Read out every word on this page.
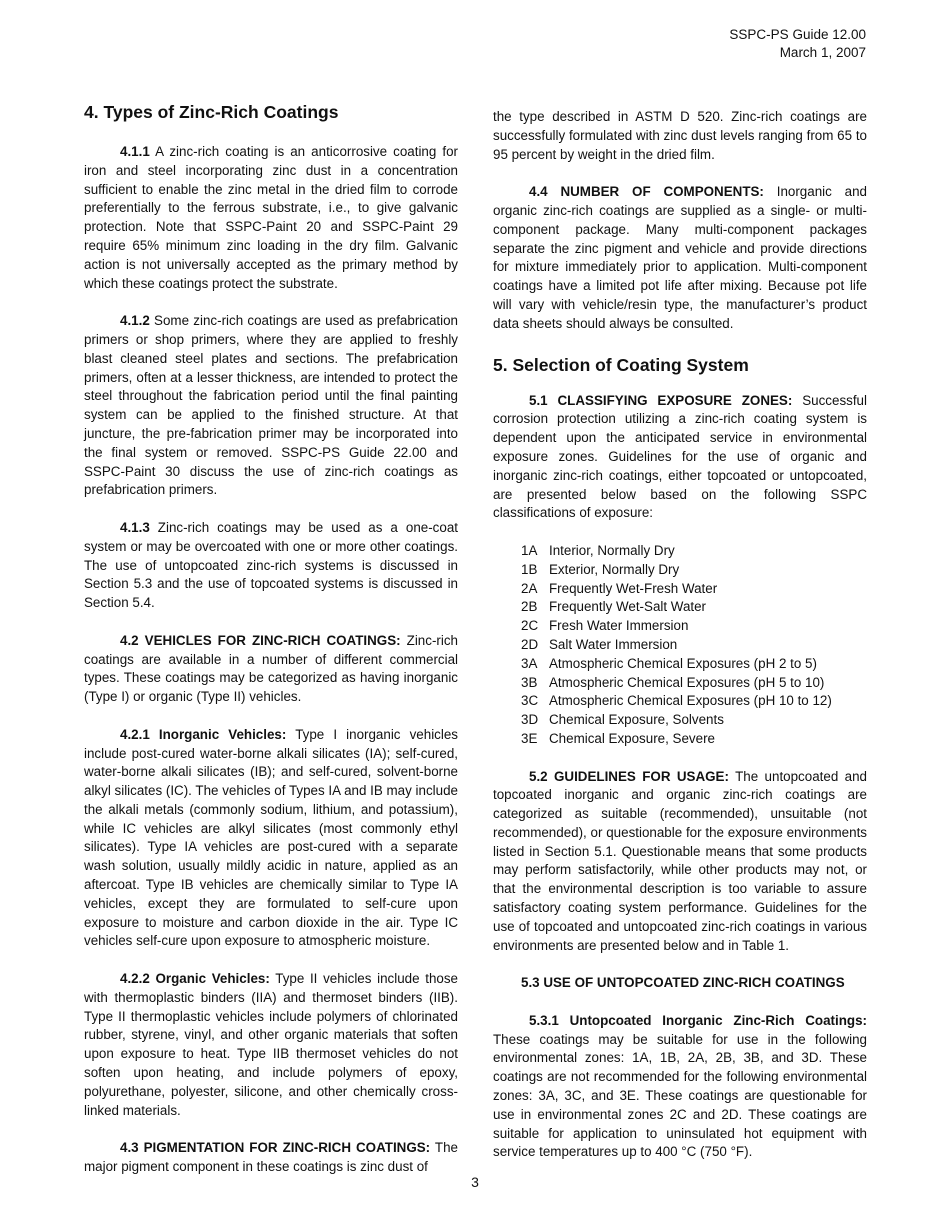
SSPC-PS Guide 12.00
March 1, 2007
4. Types of Zinc-Rich Coatings

4.1.1 A zinc-rich coating is an anticorrosive coating for iron and steel incorporating zinc dust in a concentration sufficient to enable the zinc metal in the dried film to corrode preferentially to the ferrous substrate, i.e., to give galvanic protection. Note that SSPC-Paint 20 and SSPC-Paint 29 require 65% minimum zinc loading in the dry film. Galvanic action is not universally accepted as the primary method by which these coatings protect the substrate.

4.1.2 Some zinc-rich coatings are used as prefabrication primers or shop primers, where they are applied to freshly blast cleaned steel plates and sections. The prefabrication primers, often at a lesser thickness, are intended to protect the steel throughout the fabrication period until the final painting system can be applied to the finished structure. At that juncture, the pre-fabrication primer may be incorporated into the final system or removed. SSPC-PS Guide 22.00 and SSPC-Paint 30 discuss the use of zinc-rich coatings as prefabrication primers.

4.1.3 Zinc-rich coatings may be used as a one-coat system or may be overcoated with one or more other coatings. The use of untopcoated zinc-rich systems is discussed in Section 5.3 and the use of topcoated systems is discussed in Section 5.4.

4.2 VEHICLES FOR ZINC-RICH COATINGS: Zinc-rich coatings are available in a number of different commercial types. These coatings may be categorized as having inorganic (Type I) or organic (Type II) vehicles.

4.2.1 Inorganic Vehicles: Type I inorganic vehicles include post-cured water-borne alkali silicates (IA); self-cured, water-borne alkali silicates (IB); and self-cured, solvent-borne alkyl silicates (IC). The vehicles of Types IA and IB may include the alkali metals (commonly sodium, lithium, and potassium), while IC vehicles are alkyl silicates (most commonly ethyl silicates). Type IA vehicles are post-cured with a separate wash solution, usually mildly acidic in nature, applied as an aftercoat. Type IB vehicles are chemically similar to Type IA vehicles, except they are formulated to self-cure upon exposure to moisture and carbon dioxide in the air. Type IC vehicles self-cure upon exposure to atmospheric moisture.

4.2.2 Organic Vehicles: Type II vehicles include those with thermoplastic binders (IIA) and thermoset binders (IIB). Type II thermoplastic vehicles include polymers of chlorinated rubber, styrene, vinyl, and other organic materials that soften upon exposure to heat. Type IIB thermoset vehicles do not soften upon heating, and include polymers of epoxy, polyurethane, polyester, silicone, and other chemically cross-linked materials.

4.3 PIGMENTATION FOR ZINC-RICH COATINGS: The major pigment component in these coatings is zinc dust of

the type described in ASTM D 520. Zinc-rich coatings are successfully formulated with zinc dust levels ranging from 65 to 95 percent by weight in the dried film.

4.4 NUMBER OF COMPONENTS: Inorganic and organic zinc-rich coatings are supplied as a single- or multi-component package. Many multi-component packages separate the zinc pigment and vehicle and provide directions for mixture immediately prior to application. Multi-component coatings have a limited pot life after mixing. Because pot life will vary with vehicle/resin type, the manufacturer’s product data sheets should always be consulted.

5. Selection of Coating System

5.1 CLASSIFYING EXPOSURE ZONES: Successful corrosion protection utilizing a zinc-rich coating system is dependent upon the anticipated service in environmental exposure zones. Guidelines for the use of organic and inorganic zinc-rich coatings, either topcoated or untopcoated, are presented below based on the following SSPC classifications of exposure:

1A Interior, Normally Dry
1B Exterior, Normally Dry
2A Frequently Wet-Fresh Water
2B Frequently Wet-Salt Water
2C Fresh Water Immersion
2D Salt Water Immersion
3A Atmospheric Chemical Exposures (pH 2 to 5)
3B Atmospheric Chemical Exposures (pH 5 to 10)
3C Atmospheric Chemical Exposures (pH 10 to 12)
3D Chemical Exposure, Solvents
3E Chemical Exposure, Severe

5.2 GUIDELINES FOR USAGE: The untopcoated and topcoated inorganic and organic zinc-rich coatings are categorized as suitable (recommended), unsuitable (not recommended), or questionable for the exposure environments listed in Section 5.1. Questionable means that some products may perform satisfactorily, while other products may not, or that the environmental description is too variable to assure satisfactory coating system performance. Guidelines for the use of topcoated and untopcoated zinc-rich coatings in various environments are presented below and in Table 1.

5.3 USE OF UNTOPCOATED ZINC-RICH COATINGS

5.3.1 Untopcoated Inorganic Zinc-Rich Coatings: These coatings may be suitable for use in the following environmental zones: 1A, 1B, 2A, 2B, 3B, and 3D. These coatings are not recommended for the following environmental zones: 3A, 3C, and 3E. These coatings are questionable for use in environmental zones 2C and 2D. These coatings are suitable for application to uninsulated hot equipment with service temperatures up to 400 °C (750 °F).

3
